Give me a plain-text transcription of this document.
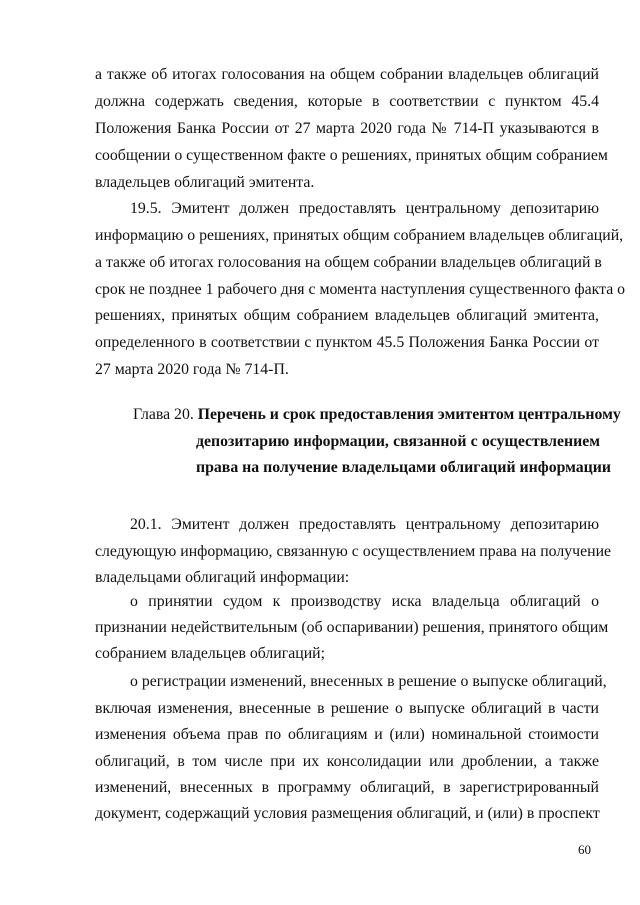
а также об итогах голосования на общем собрании владельцев облигаций
должна содержать сведения, которые в соответствии с пунктом 45.4
Положения Банка России от 27 марта 2020 года № 714-П указываются в
сообщении о существенном факте о решениях, принятых общим собранием
владельцев облигаций эмитента.
19.5. Эмитент должен предоставлять центральному депозитарию
информацию о решениях, принятых общим собранием владельцев облигаций,
а также об итогах голосования на общем собрании владельцев облигаций в
срок не позднее 1 рабочего дня с момента наступления существенного факта о
решениях, принятых общим собранием владельцев облигаций эмитента,
определенного в соответствии с пунктом 45.5 Положения Банка России от
27 марта 2020 года № 714-П.
Глава 20. Перечень и срок предоставления эмитентом центральному
депозитарию информации, связанной с осуществлением
права на получение владельцами облигаций информации
20.1. Эмитент должен предоставлять центральному депозитарию
следующую информацию, связанную с осуществлением права на получение
владельцами облигаций информации:
о принятии судом к производству иска владельца облигаций о
признании недействительным (об оспаривании) решения, принятого общим
собранием владельцев облигаций;
о регистрации изменений, внесенных в решение о выпуске облигаций,
включая изменения, внесенные в решение о выпуске облигаций в части
изменения объема прав по облигациям и (или) номинальной стоимости
облигаций, в том числе при их консолидации или дроблении, а также
изменений, внесенных в программу облигаций, в зарегистрированный
документ, содержащий условия размещения облигаций, и (или) в проспект
60
